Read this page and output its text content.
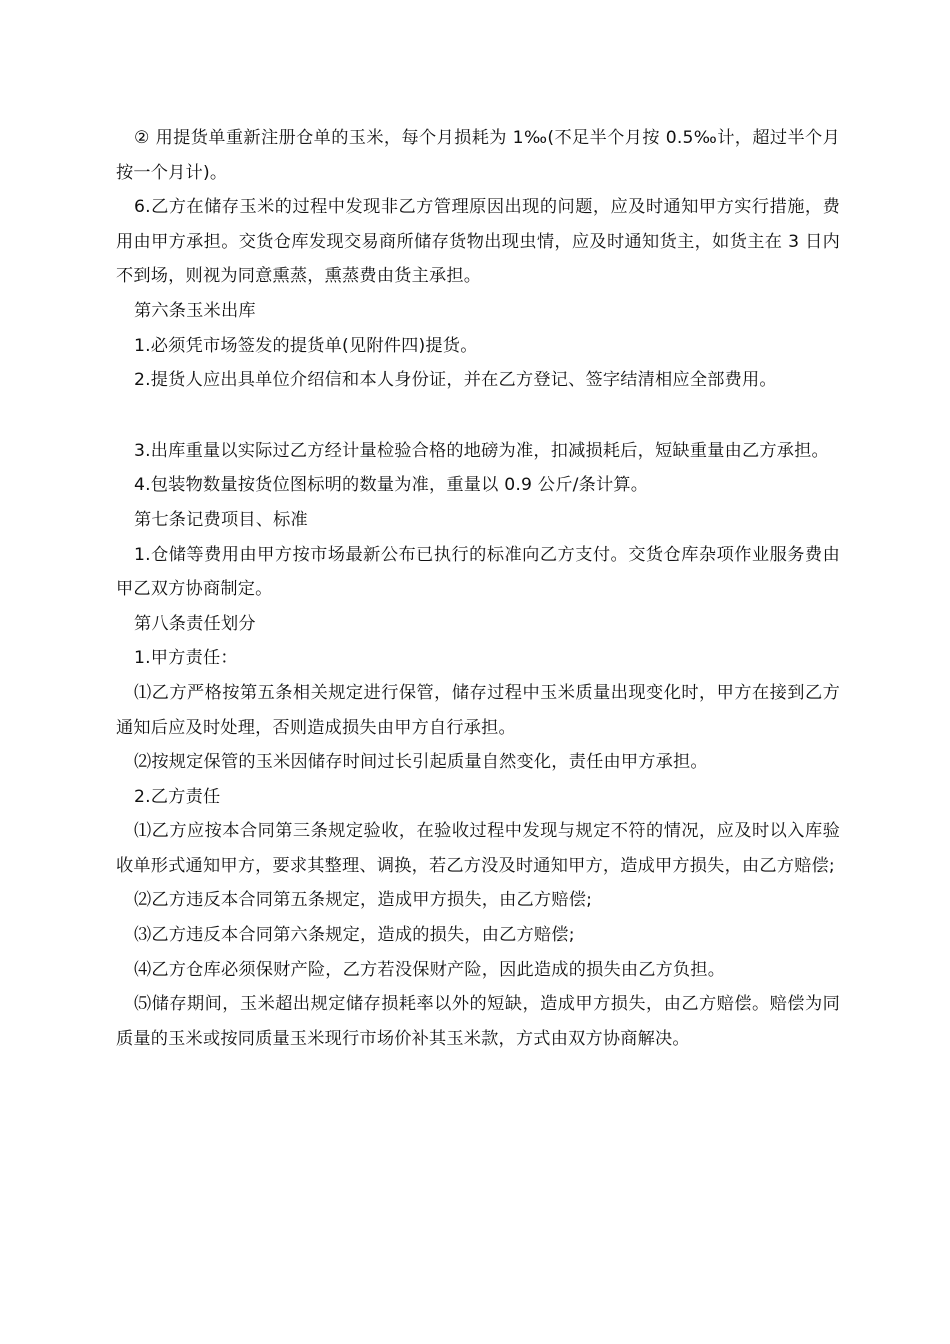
② 用提货单重新注册仓单的玉米，每个月损耗为 1‰(不足半个月按 0.5‰计，超过半个月按一个月计)。

6.乙方在储存玉米的过程中发现非乙方管理原因出现的问题，应及时通知甲方实行措施，费用由甲方承担。交货仓库发现交易商所储存货物出现虫情，应及时通知货主，如货主在 3 日内不到场，则视为同意熏蒸，熏蒸费由货主承担。

第六条玉米出库

1.必须凭市场签发的提货单(见附件四)提货。

2.提货人应出具单位介绍信和本人身份证，并在乙方登记、签字结清相应全部费用。

3.出库重量以实际过乙方经计量检验合格的地磅为准，扣减损耗后，短缺重量由乙方承担。

4.包装物数量按货位图标明的数量为准，重量以 0.9 公斤/条计算。

第七条记费项目、标准

1.仓储等费用由甲方按市场最新公布已执行的标准向乙方支付。交货仓库杂项作业服务费由甲乙双方协商制定。

第八条责任划分

1.甲方责任：

⑴乙方严格按第五条相关规定进行保管，储存过程中玉米质量出现变化时，甲方在接到乙方通知后应及时处理，否则造成损失由甲方自行承担。

⑵按规定保管的玉米因储存时间过长引起质量自然变化，责任由甲方承担。

2.乙方责任

⑴乙方应按本合同第三条规定验收，在验收过程中发现与规定不符的情况，应及时以入库验收单形式通知甲方，要求其整理、调换，若乙方没及时通知甲方，造成甲方损失，由乙方赔偿;

⑵乙方违反本合同第五条规定，造成甲方损失，由乙方赔偿;

⑶乙方违反本合同第六条规定，造成的损失，由乙方赔偿;

⑷乙方仓库必须保财产险，乙方若没保财产险，因此造成的损失由乙方负担。

⑸储存期间，玉米超出规定储存损耗率以外的短缺，造成甲方损失，由乙方赔偿。赔偿为同质量的玉米或按同质量玉米现行市场价补其玉米款，方式由双方协商解决。
